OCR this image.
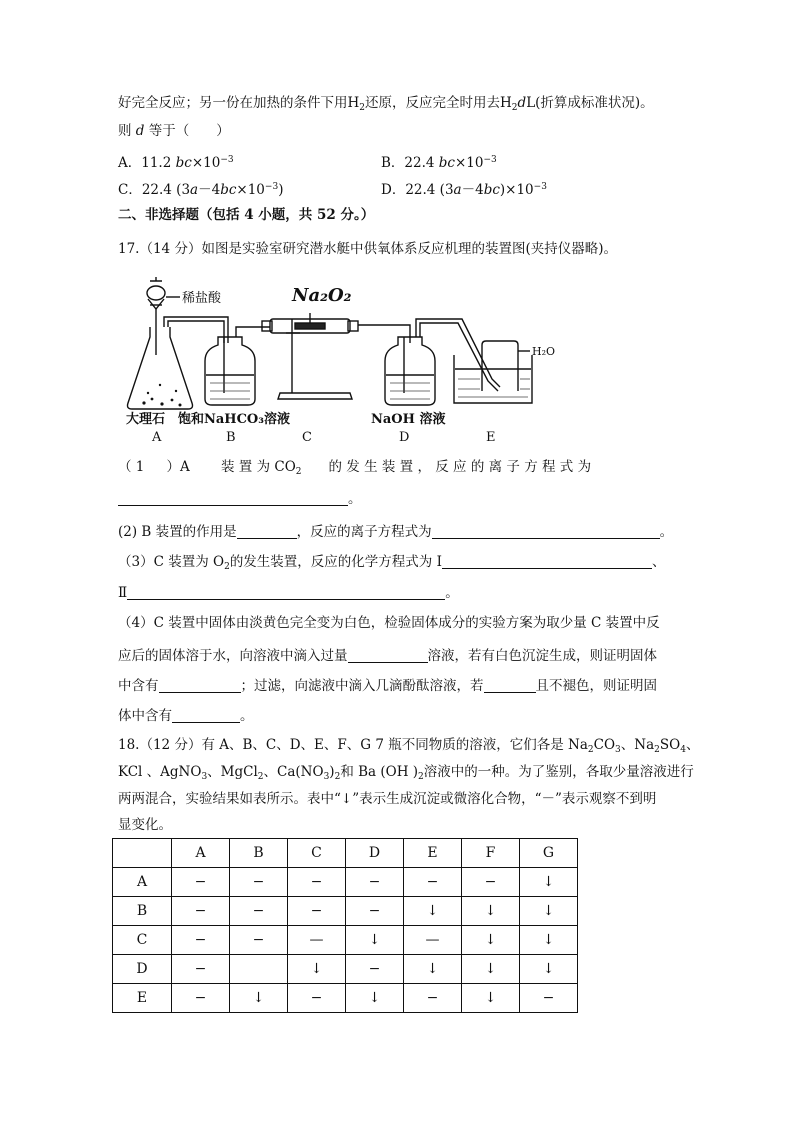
好完全反应；另一份在加热的条件下用$H_2$还原，反应完全时用去$H_2dL$(折算成标准状况)。
则 d 等于（　　）
A．11.2 $bc\times 10^{-3}$	B．22.4 $bc\times 10^{-3}$
C．22.4 $(3a-4bc\times 10^{-3})$	D．22.4 $(3a-4bc)\times 10^{-3}$
二、非选择题（包括 4 小题，共 52 分。）
17.（14 分）如图是实验室研究潜水艇中供氧体系反应机理的装置图(夹持仪器略)。
稀盐酸	Na₂O₂
H₂O
大理石 饱和NaHCO₃溶液	NaOH 溶液
A	B	C	D	E
（ 1 　 ）A 　　装 置 为 $CO_2$　　的 发 生 装 置 ， 反 应 的 离 子 方 程 式 为
。
(2) B 装置的作用是	，反应的离子方程式为	。
（3）C 装置为 $O_2$的发生装置，反应的化学方程式为 Ⅰ	、
Ⅱ	。
（4）C 装置中固体由淡黄色完全变为白色，检验固体成分的实验方案为取少量 C 装置中反
应后的固体溶于水，向溶液中滴入过量	溶液，若有白色沉淀生成，则证明固体
中含有	；过滤，向滤液中滴入几滴酚酞溶液，若	且不褪色，则证明固
体中含有	。
18.（12 分）有 A、B、C、D、E、F、G 7 瓶不同物质的溶液，它们各是 $Na_2CO_3$、$Na_2SO_4$、
KCl 、AgNO$_3$、MgCl$_2$、$Ca(NO_3)_2$和 Ba (OH )$_2$溶液中的一种。为了鉴别，各取少量溶液进行
两两混合，实验结果如表所示。表中“↓”表示生成沉淀或微溶化合物，“－”表示观察不到明
显变化。
	A	B	C	D	E	F	G
A	−	−	−	−	−	−	↓
B	−	−	−	−	↓	↓	↓
C	−	−	—	↓	—	↓	↓
D	−		↓	−	↓	↓	↓
E	−	↓	−	↓	−	↓	−
